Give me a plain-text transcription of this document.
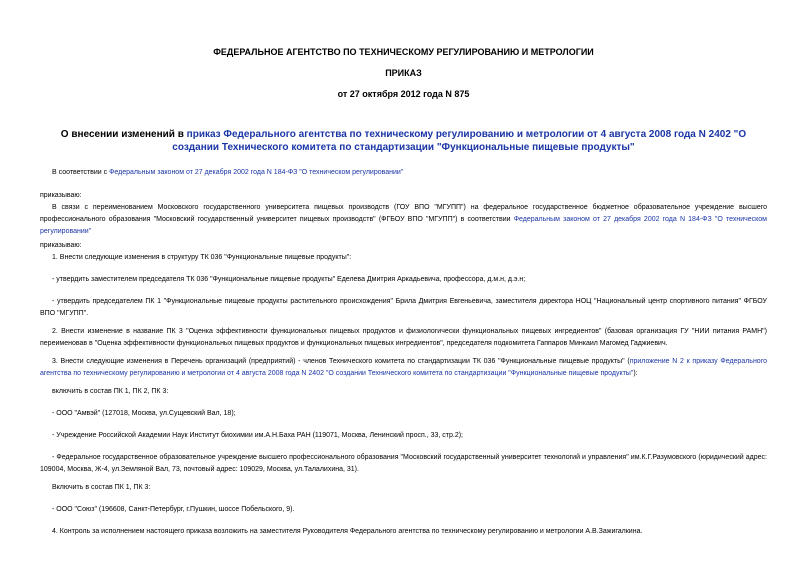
ФЕДЕРАЛЬНОЕ АГЕНТСТВО ПО ТЕХНИЧЕСКОМУ РЕГУЛИРОВАНИЮ И МЕТРОЛОГИИ
ПРИКАЗ
от 27 октября 2012 года N 875
О внесении изменений в приказ Федерального агентства по техническому регулированию и метрологии от 4 августа 2008 года N 2402 "О создании Технического комитета по стандартизации "Функциональные пищевые продукты"
В соответствии с Федеральным законом от 27 декабря 2002 года N 184-ФЗ "О техническом регулировании"
приказываю:
В связи с переименованием Московского государственного университета пищевых производств (ГОУ ВПО "МГУПП") на федеральное государственное бюджетное образовательное учреждение высшего профессионального образования "Московский государственный университет пищевых производств" (ФГБОУ ВПО "МГУПП") в соответствии Федеральным законом от 27 декабря 2002 года N 184-ФЗ "О техническом регулировании"
приказываю:
1. Внести следующие изменения в структуру ТК 036 "Функциональные пищевые продукты":
- утвердить заместителем председателя ТК 036 "Функциональные пищевые продукты" Еделева Дмитрия Аркадьевича, профессора, д.м.н, д.э.н;
- утвердить председателем ПК 1 "Функциональные пищевые продукты растительного происхождения" Брила Дмитрия Евгеньевича, заместителя директора НОЦ "Национальный центр спортивного питания" ФГБОУ ВПО "МГУПП".
2. Внести изменение в название ПК 3 "Оценка эффективности функциональных пищевых продуктов и физиологически функциональных пищевых ингредиентов" (базовая организация ГУ "НИИ питания РАМН") переименовав в "Оценка эффективности функциональных пищевых продуктов и функциональных пищевых ингредиентов", председателя подкомитета Гаппаров Минкаил Магомед Гаджиевич.
3. Внести следующие изменения в Перечень организаций (предприятий) - членов Технического комитета по стандартизации ТК 036 "Функциональные пищевые продукты" (приложение N 2 к приказу Федерального агентства по техническому регулированию и метрологии от 4 августа 2008 года N 2402 "О создании Технического комитета по стандартизации "Функциональные пищевые продукты"):
включить в состав ПК 1, ПК 2, ПК 3:
- ООО "Амвэй" (127018, Москва, ул.Сущевский Вал, 18);
- Учреждение Российской Академии Наук Институт биохимии им.А.Н.Баха РАН (119071, Москва, Ленинский просп., 33, стр.2);
- Федеральное государственное образовательное учреждение высшего профессионального образования "Московский государственный университет технологий и управления" им.К.Г.Разумовского (юридический адрес: 109004, Москва, Ж-4, ул.Земляной Вал, 73, почтовый адрес: 109029, Москва, ул.Талалихина, 31).
Включить в состав ПК 1, ПК 3:
- ООО "Союз" (196608, Санкт-Петербург, г.Пушкин, шоссе Побельского, 9).
4. Контроль за исполнением настоящего приказа возложить на заместителя Руководителя Федерального агентства по техническому регулированию и метрологии А.В.Зажигалкина.
